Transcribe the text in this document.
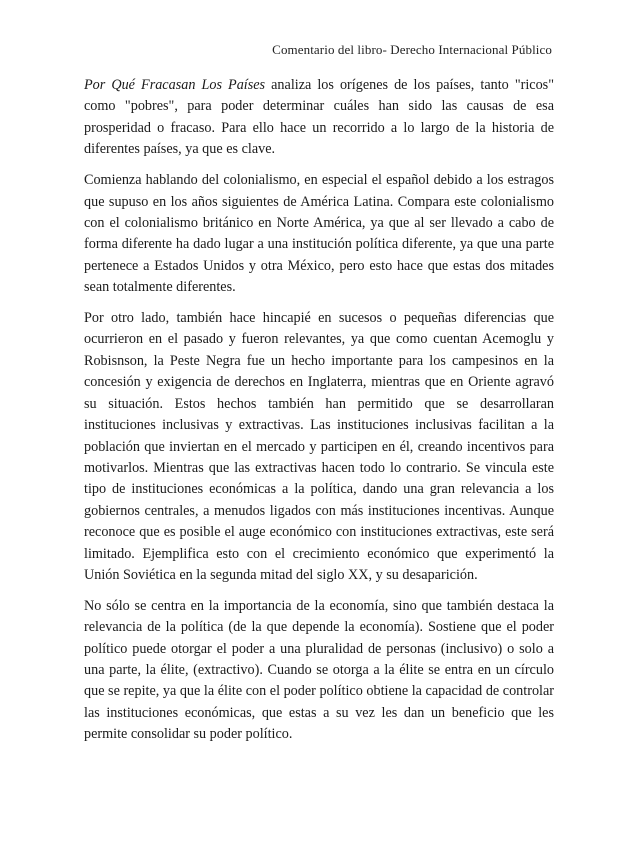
Comentario del libro- Derecho Internacional Público

Por Qué Fracasan Los Países analiza los orígenes de los países, tanto "ricos" como "pobres", para poder determinar cuáles han sido las causas de esa prosperidad o fracaso. Para ello hace un recorrido a lo largo de la historia de diferentes países, ya que es clave.

Comienza hablando del colonialismo, en especial el español debido a los estragos que supuso en los años siguientes de América Latina. Compara este colonialismo con el colonialismo británico en Norte América, ya que al ser llevado a cabo de forma diferente ha dado lugar a una institución política diferente, ya que una parte pertenece a Estados Unidos y otra México, pero esto hace que estas dos mitades sean totalmente diferentes.

Por otro lado, también hace hincapié en sucesos o pequeñas diferencias que ocurrieron en el pasado y fueron relevantes, ya que como cuentan Acemoglu y Robisnson, la Peste Negra fue un hecho importante para los campesinos en la concesión y exigencia de derechos en Inglaterra, mientras que en Oriente agravó su situación. Estos hechos también han permitido que se desarrollaran instituciones inclusivas y extractivas. Las instituciones inclusivas facilitan a la población que inviertan en el mercado y participen en él, creando incentivos para motivarlos. Mientras que las extractivas hacen todo lo contrario. Se vincula este tipo de instituciones económicas a la política, dando una gran relevancia a los gobiernos centrales, a menudos ligados con más instituciones incentivas. Aunque reconoce que es posible el auge económico con instituciones extractivas, este será limitado. Ejemplifica esto con el crecimiento económico que experimentó la Unión Soviética en la segunda mitad del siglo XX, y su desaparición.

No sólo se centra en la importancia de la economía, sino que también destaca la relevancia de la política (de la que depende la economía). Sostiene que el poder político puede otorgar el poder a una pluralidad de personas (inclusivo) o solo a una parte, la élite, (extractivo). Cuando se otorga a la élite se entra en un círculo que se repite, ya que la élite con el poder político obtiene la capacidad de controlar las instituciones económicas, que estas a su vez les dan un beneficio que les permite consolidar su poder político.
